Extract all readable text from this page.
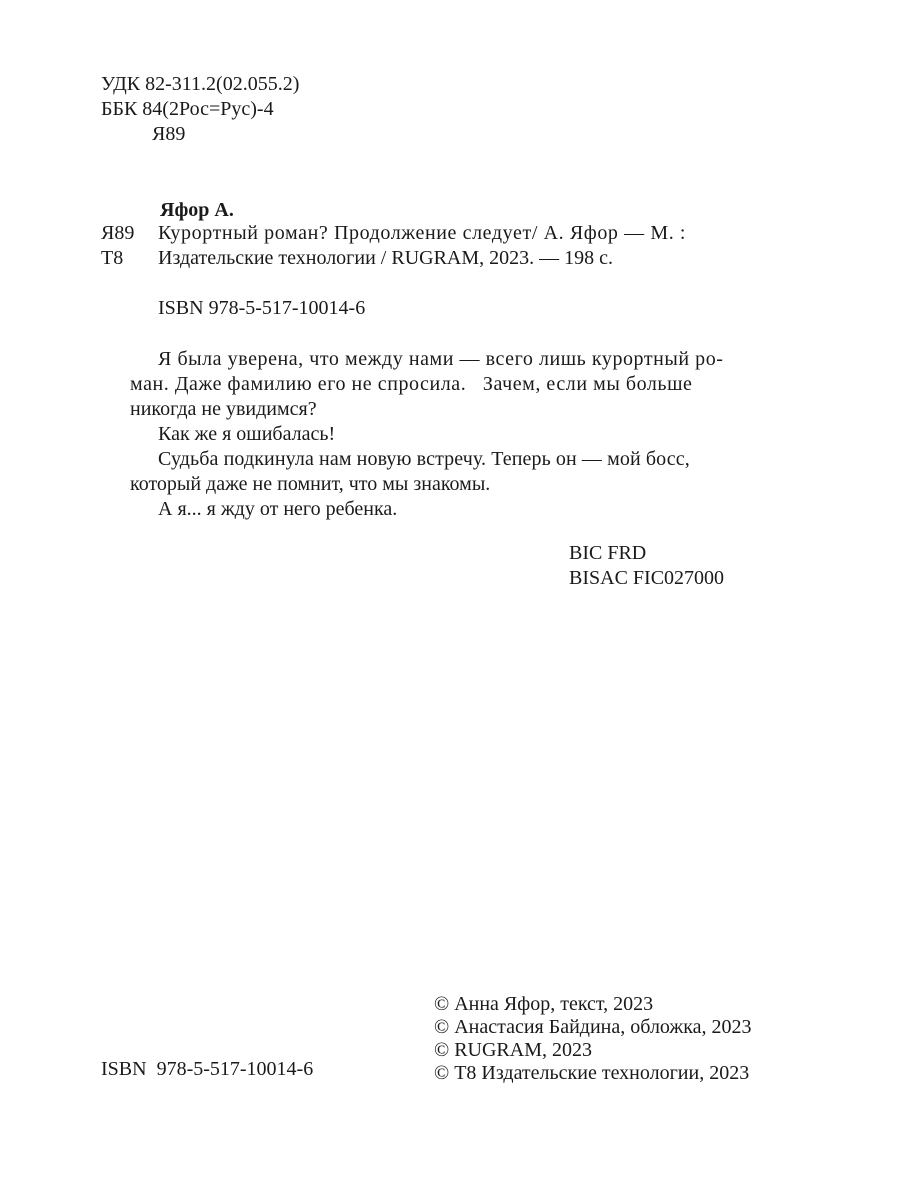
УДК 82-311.2(02.055.2)
ББК 84(2Рос=Рус)-4
Я89
Яфор А.
Я89 Курортный роман? Продолжение следует/ А. Яфор — М. :
Т8 Издательские технологии / RUGRAM, 2023. — 198 с.
ISBN 978-5-517-10014-6
Я была уверена, что между нами — всего лишь курортный ро-
ман. Даже фамилию его не спросила.   Зачем, если мы больше
никогда не увидимся?
Как же я ошибалась!
Судьба подкинула нам новую встречу. Теперь он — мой босс,
который даже не помнит, что мы знакомы.
А я... я жду от него ребенка.
BIC FRD
BISAC FIC027000
ISBN  978-5-517-10014-6
© Анна Яфор, текст, 2023
© Анастасия Байдина, обложка, 2023
© RUGRAM, 2023
© Т8 Издательские технологии, 2023
